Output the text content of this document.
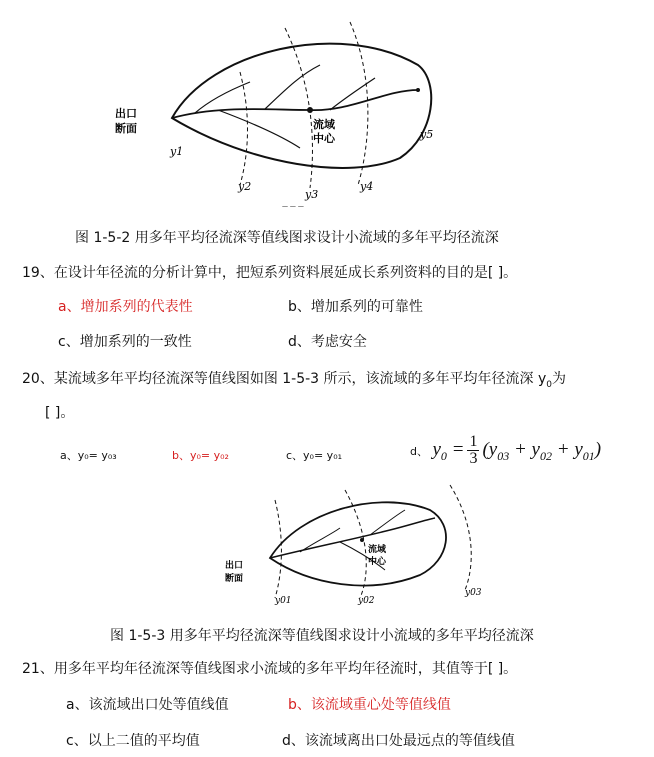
出口
断面	流域
中心
y1
y2
y3
y4
y5
— — —
图 1-5-2 用多年平均径流深等值线图求设计小流域的多年平均径流深
19、在设计年径流的分析计算中，把短系列资料展延成长系列资料的目的是[ ]。
a、增加系列的代表性	b、增加系列的可靠性
c、增加系列的一致性	d、考虑安全
20、某流域多年平均径流深等值线图如图 1-5-3 所示，该流域的多年平均年径流深 $y_0$为
[ ]。
a、y₀= y₀₃	b、y₀= y₀₂	c、y₀= y₀₁	d、 $y_0 = \frac{1}{3} (y_{03} + y_{02} + y_{01})$
出口
断面
流域
中心
y01	y02
y03
图 1-5-3 用多年平均径流深等值线图求设计小流域的多年平均径流深
21、用多年平均年径流深等值线图求小流域的多年平均年径流时，其值等于[ ]。
a、该流域出口处等值线值	b、该流域重心处等值线值
c、以上二值的平均值	d、该流域离出口处最远点的等值线值
